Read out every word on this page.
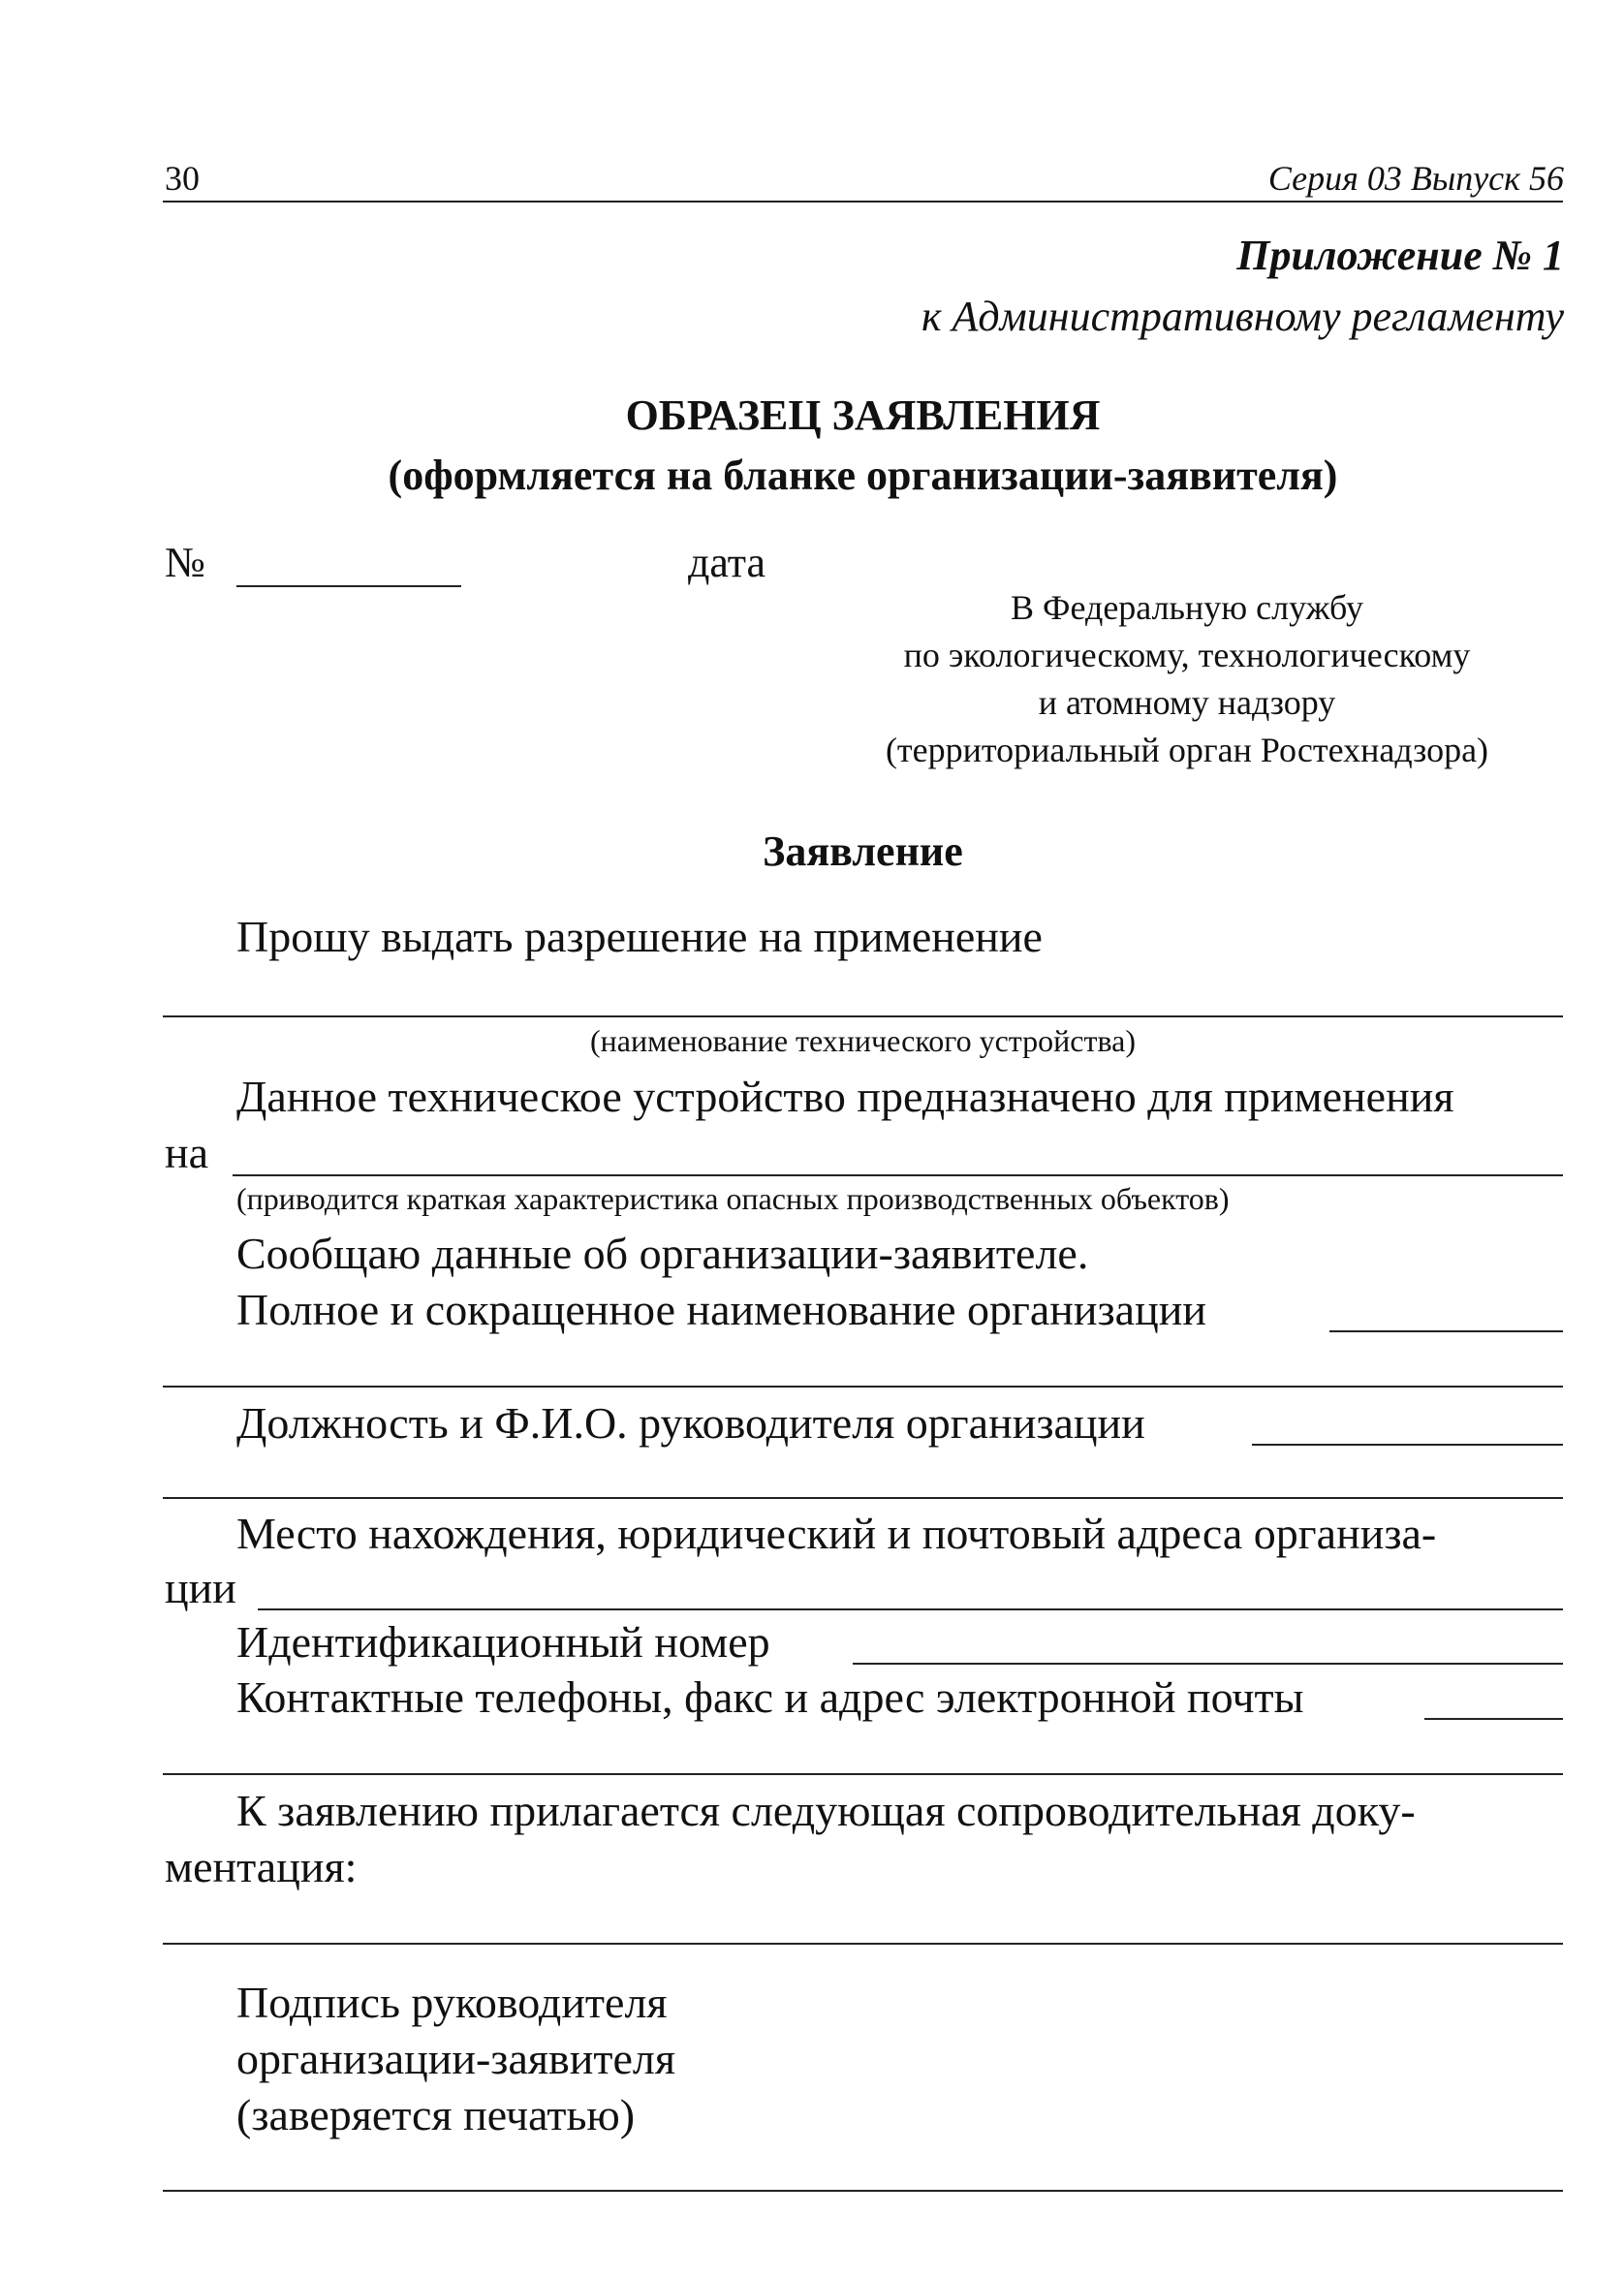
30	Серия 03 Выпуск 56
Приложение № 1
к Административному регламенту
ОБРАЗЕЦ ЗАЯВЛЕНИЯ
(оформляется на бланке организации-заявителя)
№	дата
В Федеральную службу
по экологическому, технологическому
и атомному надзору
(территориальный орган Ростехнадзора)
Заявление
Прошу выдать разрешение на применение
(наименование технического устройства)
Данное техническое устройство предназначено для применения
на
(приводится краткая характеристика опасных производственных объектов)
Сообщаю данные об организации-заявителе.
Полное и сокращенное наименование организации
Должность и Ф.И.О. руководителя организации
Место нахождения, юридический и почтовый адреса организа-
ции
Идентификационный номер
Контактные телефоны, факс и адрес электронной почты
К заявлению прилагается следующая сопроводительная доку-
ментация:
Подпись руководителя
организации-заявителя
(заверяется печатью)
